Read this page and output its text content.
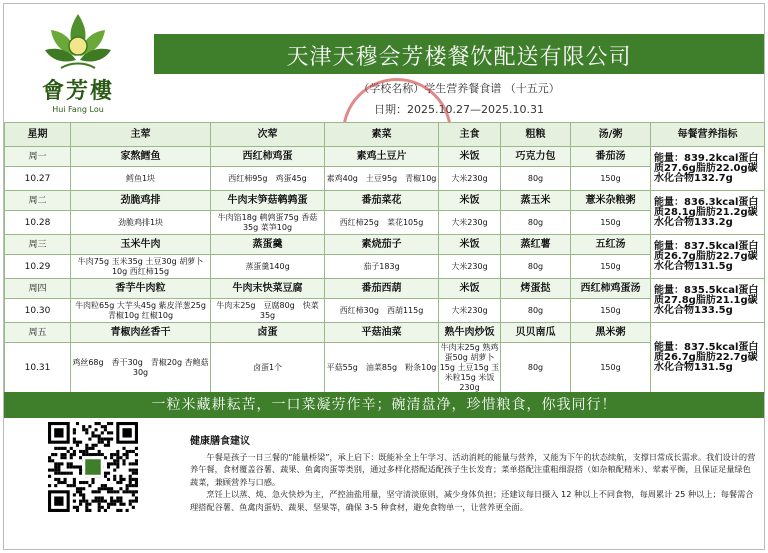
會芳樓
Hui Fang Lou
天津天穆会芳楼餐饮配送有限公司
（学校名称）学生营养餐食谱 （十五元）
日期：2025.10.27—2025.10.31
星期	主荤	次荤	素菜	主食	粗粮	汤/粥	每餐营养指标
周一	家熬鳕鱼	西红柿鸡蛋	素鸡土豆片	米饭	巧克力包	番茄汤	能量：839.2kcal蛋白质27.6g脂肪22.0g碳水化合物132.7g
10.27	鳕鱼1块	西红柿95g　鸡蛋45g	素鸡40g　土豆95g　青椒10g	大米230g	80g	150g	
周二	劲脆鸡排	牛肉末笋菇鹌鹑蛋	番茄菜花	米饭	蒸玉米	薏米杂粮粥	能量：836.3kcal蛋白质28.1g脂肪21.2g碳水化合物133.2g
10.28	劲脆鸡排1块	牛肉馅18g 鹌鹑蛋75g 香菇35g 菜笋10g	西红柿25g　菜花105g	大米230g	80g	150g	
周三	玉米牛肉	蒸蛋羹	素烧茄子	米饭	蒸红薯	五红汤	能量：837.5kcal蛋白质26.7g脂肪22.7g碳水化合物131.5g
10.29	牛肉75g 玉米35g 土豆30g 胡萝卜10g 西红柿15g	蒸蛋羹140g	茄子183g	大米230g	80g	150g	
周四	香芋牛肉粒	牛肉末快菜豆腐	番茄西葫	米饭	烤蛋挞	西红柿鸡蛋汤	能量：835.5kcal蛋白质27.8g脂肪21.1g碳水化合物133.5g
10.30	牛肉粒65g 大芋头45g 紫皮洋葱25g 青椒10g 红椒10g	牛肉末25g　豆腐80g　快菜35g	西红柿30g　西葫115g	大米230g	80g	150g	
周五	青椒肉丝香干	卤蛋	平菇油菜	熟牛肉炒饭	贝贝南瓜	黑米粥	能量：837.5kcal蛋白质26.7g脂肪22.7g碳水化合物131.5g
10.31	鸡丝68g　香干30g　青椒20g 杏鲍菇30g	卤蛋1个	平菇55g　油菜85g　粉条10g	牛肉末25g 熟鸡蛋50g 胡萝卜15g 土豆15g 玉米粒15g 米饭230g	80g	150g	
一粒米藏耕耘苦，一口菜凝劳作辛；碗清盘净，珍惜粮食，你我同行！
健康膳食建议

午餐是孩子一日三餐的“能量桥梁”，承上启下：既能补全上午学习、活动消耗的能量与营养，又能为下午的状态续航，支撑日常成长需求。我们设计的营养午餐，食材覆盖谷薯、蔬果、鱼禽肉蛋等类别，通过多样化搭配适配孩子生长发育；菜单搭配注重粗细混搭（如杂粮配精米）、荤素平衡，且保证足量绿色蔬菜，兼顾营养与口感。

烹饪上以蒸、炖、急火快炒为主，严控油盐用量，坚守清淡原则，减少身体负担；还建议每日摄入 12 种以上不同食物，每周累计 25 种以上；每餐需合理搭配谷薯、鱼禽肉蛋奶、蔬果、坚果等，确保 3-5 种食材，避免食物单一，让营养更全面。
